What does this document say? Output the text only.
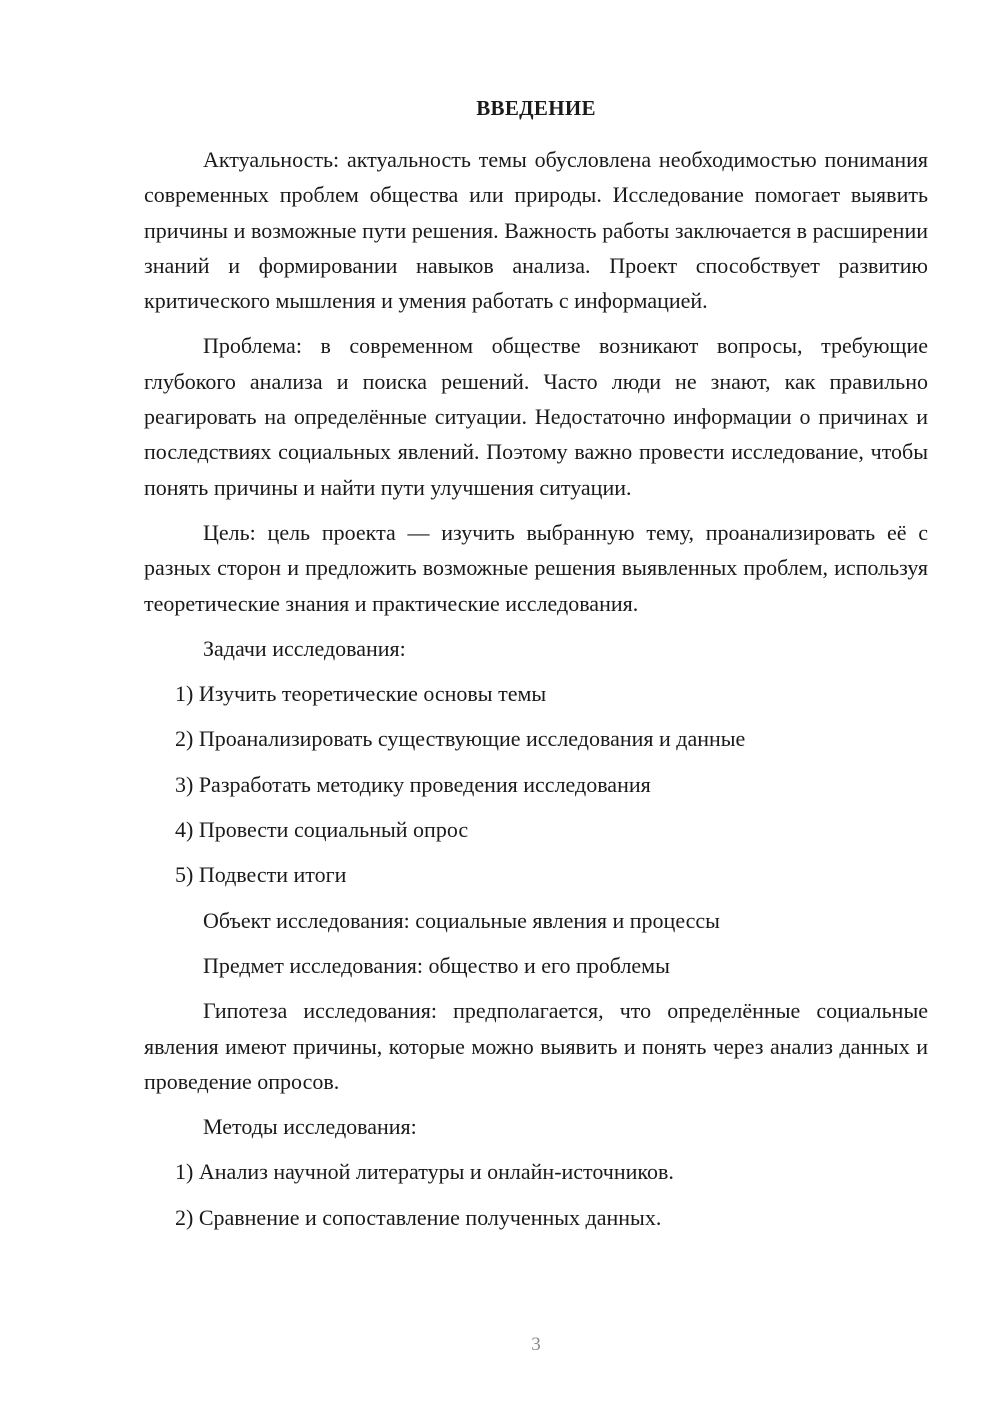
ВВЕДЕНИЕ

Актуальность: актуальность темы обусловлена необходимостью понимания современных проблем общества или природы. Исследование помогает выявить причины и возможные пути решения. Важность работы заключается в расширении знаний и формировании навыков анализа. Проект способствует развитию критического мышления и умения работать с информацией.

Проблема: в современном обществе возникают вопросы, требующие глубокого анализа и поиска решений. Часто люди не знают, как правильно реагировать на определённые ситуации. Недостаточно информации о причинах и последствиях социальных явлений. Поэтому важно провести исследование, чтобы понять причины и найти пути улучшения ситуации.

Цель: цель проекта — изучить выбранную тему, проанализировать её с разных сторон и предложить возможные решения выявленных проблем, используя теоретические знания и практические исследования.

Задачи исследования:

1) Изучить теоретические основы темы

2) Проанализировать существующие исследования и данные

3) Разработать методику проведения исследования

4) Провести социальный опрос

5) Подвести итоги

Объект исследования: социальные явления и процессы

Предмет исследования: общество и его проблемы

Гипотеза исследования: предполагается, что определённые социальные явления имеют причины, которые можно выявить и понять через анализ данных и проведение опросов.

Методы исследования:

1) Анализ научной литературы и онлайн-источников.

2) Сравнение и сопоставление полученных данных.

3
